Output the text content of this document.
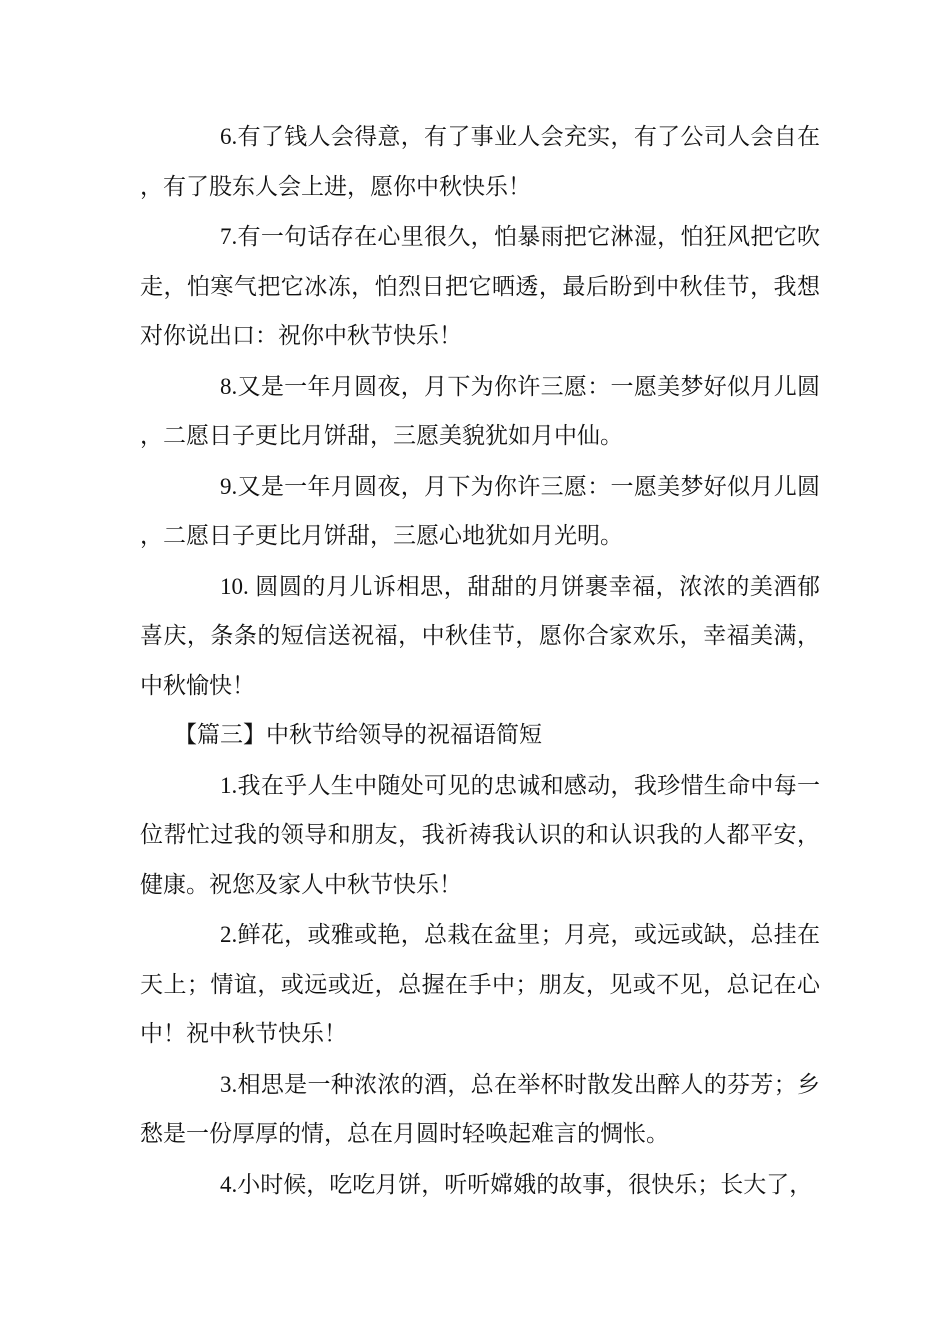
6.有了钱人会得意，有了事业人会充实，有了公司人会自在，有了股东人会上进，愿你中秋快乐！

7.有一句话存在心里很久，怕暴雨把它淋湿，怕狂风把它吹走，怕寒气把它冰冻，怕烈日把它晒透，最后盼到中秋佳节，我想对你说出口：祝你中秋节快乐！

8.又是一年月圆夜，月下为你许三愿：一愿美梦好似月儿圆，二愿日子更比月饼甜，三愿美貌犹如月中仙。

9.又是一年月圆夜，月下为你许三愿：一愿美梦好似月儿圆，二愿日子更比月饼甜，三愿心地犹如月光明。

10. 圆圆的月儿诉相思，甜甜的月饼裹幸福，浓浓的美酒郁喜庆，条条的短信送祝福，中秋佳节，愿你合家欢乐，幸福美满，中秋愉快！

【篇三】中秋节给领导的祝福语简短

1.我在乎人生中随处可见的忠诚和感动，我珍惜生命中每一位帮忙过我的领导和朋友，我祈祷我认识的和认识我的人都平安，健康。祝您及家人中秋节快乐！

2.鲜花，或雅或艳，总栽在盆里；月亮，或远或缺，总挂在天上；情谊，或远或近，总握在手中；朋友，见或不见，总记在心中！祝中秋节快乐！

3.相思是一种浓浓的酒，总在举杯时散发出醉人的芬芳；乡愁是一份厚厚的情，总在月圆时轻唤起难言的惆怅。

4.小时候，吃吃月饼，听听嫦娥的故事，很快乐；长大了，
